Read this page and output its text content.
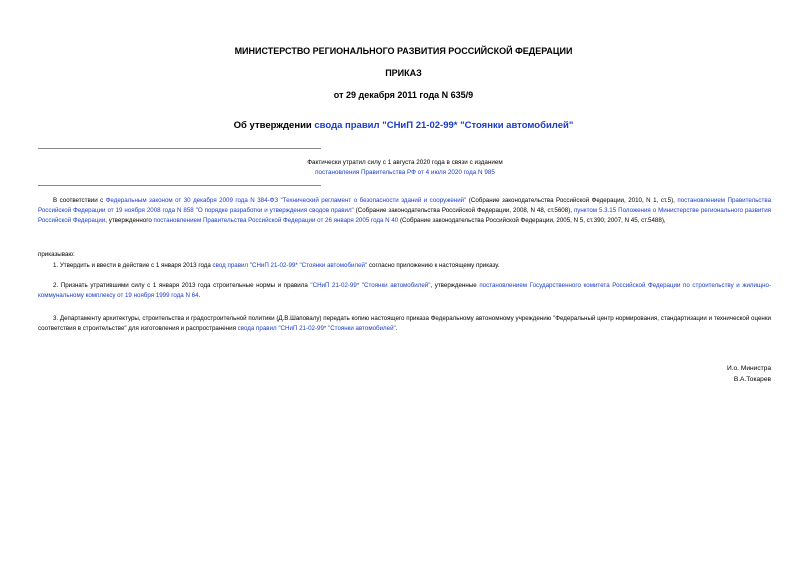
МИНИСТЕРСТВО РЕГИОНАЛЬНОГО РАЗВИТИЯ РОССИЙСКОЙ ФЕДЕРАЦИИ
ПРИКАЗ
от 29 декабря 2011 года N 635/9
Об утверждении свода правил "СНиП 21-02-99* "Стоянки автомобилей"
Фактически утратил силу с 1 августа 2020 года в связи с изданием
постановления Правительства РФ от 4 июля 2020 года N 985
В соответствии с Федеральным законом от 30 декабря 2009 года N 384-ФЗ "Технический регламент о безопасности зданий и сооружений" (Собрание законодательства Российской Федерации, 2010, N 1, ст.5), постановлением Правительства Российской Федерации от 19 ноября 2008 года N 858 "О порядке разработки и утверждения сводов правил" (Собрание законодательства Российской Федерации, 2008, N 48, ст.5608), пунктом 5.3.15 Положения о Министерстве регионального развития Российской Федерации, утвержденного постановлением Правительства Российской Федерации от 26 января 2005 года N 40 (Собрание законодательства Российской Федерации, 2005, N 5, ст.390; 2007, N 45, ст.5488),
приказываю:
1. Утвердить и ввести в действие с 1 января 2013 года свод правил "СНиП 21-02-99* "Стоянки автомобилей" согласно приложению к настоящему приказу.
2. Признать утратившими силу с 1 января 2013 года строительные нормы и правила "СНиП 21-02-99* "Стоянки автомобилей", утвержденные постановлением Государственного комитета Российской Федерации по строительству и жилищно-коммунальному комплексу от 19 ноября 1999 года N 64.
3. Департаменту архитектуры, строительства и градостроительной политики (Д.В.Шаповалу) передать копию настоящего приказа Федеральному автономному учреждению "Федеральный центр нормирования, стандартизации и технической оценки соответствия в строительстве" для изготовления и распространения свода правил "СНиП 21-02-99* "Стоянки автомобилей".
И.о. Министра
В.А.Токарев
